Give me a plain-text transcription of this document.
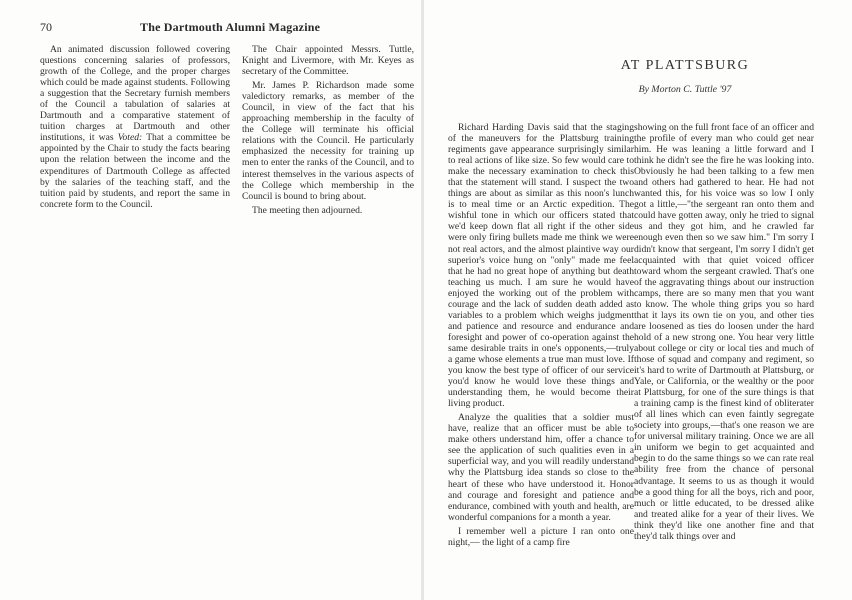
70	The Dartmouth Alumni Magazine

An animated discussion followed covering questions concerning salaries of professors, growth of the College, and the proper charges which could be made against students. Following a suggestion that the Secretary furnish members of the Council a tabulation of salaries at Dartmouth and a comparative statement of tuition charges at Dartmouth and other institutions, it was Voted: That a committee be appointed by the Chair to study the facts bearing upon the relation between the income and the expenditures of Dartmouth College as affected by the salaries of the teaching staff, and the tuition paid by students, and report the same in concrete form to the Council.

The Chair appointed Messrs. Tuttle, Knight and Livermore, with Mr. Keyes as secretary of the Committee.

Mr. James P. Richardson made some valedictory remarks, as member of the Council, in view of the fact that his approaching membership in the faculty of the College will terminate his official relations with the Council. He particularly emphasized the necessity for training up men to enter the ranks of the Council, and to interest themselves in the various aspects of the College which membership in the Council is bound to bring about.

The meeting then adjourned.

AT PLATTSBURG
By Morton C. Tuttle '97

Richard Harding Davis said that the staging of the maneuvers for the Plattsburg training regiments gave appearance surprisingly similar to real actions of like size. So few would care to make the necessary examination to check this that the statement will stand. I suspect the two things are about as similar as this noon's lunch is to meal time or an Arctic expedition. The wishful tone in which our officers stated that we'd keep down flat all right if the other side were only firing bullets made me think we were not real actors, and the almost plaintive way our superior's voice hung on "only" made me feel that he had no great hope of anything but death teaching us much. I am sure he would have enjoyed the working out of the problem with courage and the lack of sudden death added as variables to a problem which weighs judgment and patience and resource and endurance and foresight and power of co-operation against the same desirable traits in one's opponents,—truly a game whose elements a true man must love. If you know the best type of officer of our service you'd know he would love these things and understanding them, he would become their living product.

Analyze the qualities that a soldier must have, realize that an officer must be able to make others understand him, offer a chance to see the application of such qualities even in a superficial way, and you will readily understand why the Plattsburg idea stands so close to the heart of these who have understood it. Honor and courage and foresight and patience and endurance, combined with youth and health, are wonderful companions for a month a year.

I remember well a picture I ran onto one night,— the light of a camp fire

showing on the full front face of an officer and the profile of every man who could get near him. He was leaning a little forward and I think he didn't see the fire he was looking into. Obviously he had been talking to a few men and others had gathered to hear. He had not wanted this, for his voice was so low I only got a little,—"the sergeant ran onto them and could have gotten away, only he tried to signal us and they got him, and he crawled far enough even then so we saw him." I'm sorry I didn't know that sergeant, I'm sorry I didn't get acquainted with that quiet voiced officer toward whom the sergeant crawled. That's one of the aggravating things about our instruction camps, there are so many men that you want to know. The whole thing grips you so hard that it lays its own tie on you, and other ties are loosened as ties do loosen under the hard hold of a new strong one. You hear very little about college or city or local ties and much of those of squad and company and regiment, so it's hard to write of Dartmouth at Plattsburg, or Yale, or California, or the wealthy or the poor at Plattsburg, for one of the sure things is that a training camp is the finest kind of obliterater of all lines which can even faintly segregate society into groups,—that's one reason we are for universal military training. Once we are all in uniform we begin to get acquainted and begin to do the same things so we can rate real ability free from the chance of personal advantage. It seems to us as though it would be a good thing for all the boys, rich and poor, much or little educated, to be dressed alike and treated alike for a year of their lives. We think they'd like one another fine and that they'd talk things over and
